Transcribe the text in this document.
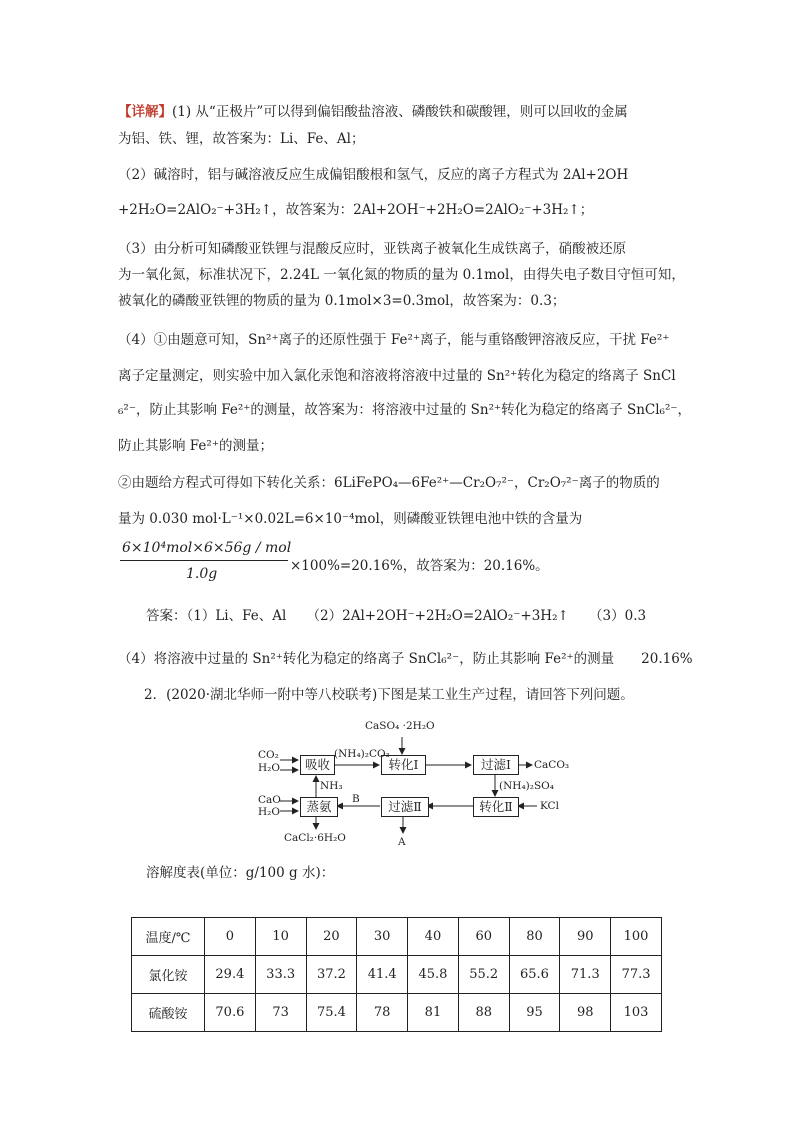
【详解】(1) 从“正极片”可以得到偏铝酸盐溶液、磷酸铁和碳酸锂，则可以回收的金属
为铝、铁、锂，故答案为：Li、Fe、Al；
（2）碱溶时，铝与碱溶液反应生成偏铝酸根和氢气，反应的离子方程式为 2Al+2OH
+2H₂O=2AlO₂⁻+3H₂↑，故答案为：2Al+2OH⁻+2H₂O=2AlO₂⁻+3H₂↑；
（3）由分析可知磷酸亚铁锂与混酸反应时，亚铁离子被氧化生成铁离子，硝酸被还原
为一氧化氮，标准状况下，2.24L 一氧化氮的物质的量为 0.1mol，由得失电子数目守恒可知，
被氧化的磷酸亚铁锂的物质的量为 0.1mol×3=0.3mol，故答案为：0.3；
（4）①由题意可知，Sn²⁺离子的还原性强于 Fe²⁺离子，能与重铬酸钾溶液反应，干扰 Fe²⁺
离子定量测定，则实验中加入氯化汞饱和溶液将溶液中过量的 Sn²⁺转化为稳定的络离子 SnCl
₆²⁻，防止其影响 Fe²⁺的测量，故答案为：将溶液中过量的 Sn²⁺转化为稳定的络离子 SnCl₆²⁻，
防止其影响 Fe²⁺的测量；
②由题给方程式可得如下转化关系：6LiFePO₄—6Fe²⁺—Cr₂O₇²⁻，Cr₂O₇²⁻离子的物质的
量为 0.030 mol·L⁻¹×0.02L=6×10⁻⁴mol，则磷酸亚铁锂电池中铁的含量为
6×10⁴mol×6×56g / mol
1.0g	×100%=20.16%，故答案为：20.16%。
答案：（1）Li、Fe、Al　　（2）2Al+2OH⁻+2H₂O=2AlO₂⁻+3H₂↑　　（3）0.3
（4）将溶液中过量的 Sn²⁺转化为稳定的络离子 SnCl₆²⁻，防止其影响 Fe²⁺的测量　　20.16%
2．(2020·湖北华师一附中等八校联考)下图是某工业生产过程，请回答下列问题。
吸收	转化Ⅰ	过滤Ⅰ
转化Ⅱ
过滤Ⅱ
蒸氨
CO₂
H₂O
CaSO₄ ·2H₂O
(NH₄)₂CO₃
CaCO₃
(NH₄)₂SO₄
KCl
NH₃
B
CaO
H₂O
CaCl₂·6H₂O	A
溶解度表(单位：g/100 g 水)：
温度/℃	0	10	20	30	40	60	80	90	100
氯化铵	29.4	33.3	37.2	41.4	45.8	55.2	65.6	71.3	77.3
硫酸铵	70.6	73	75.4	78	81	88	95	98	103
